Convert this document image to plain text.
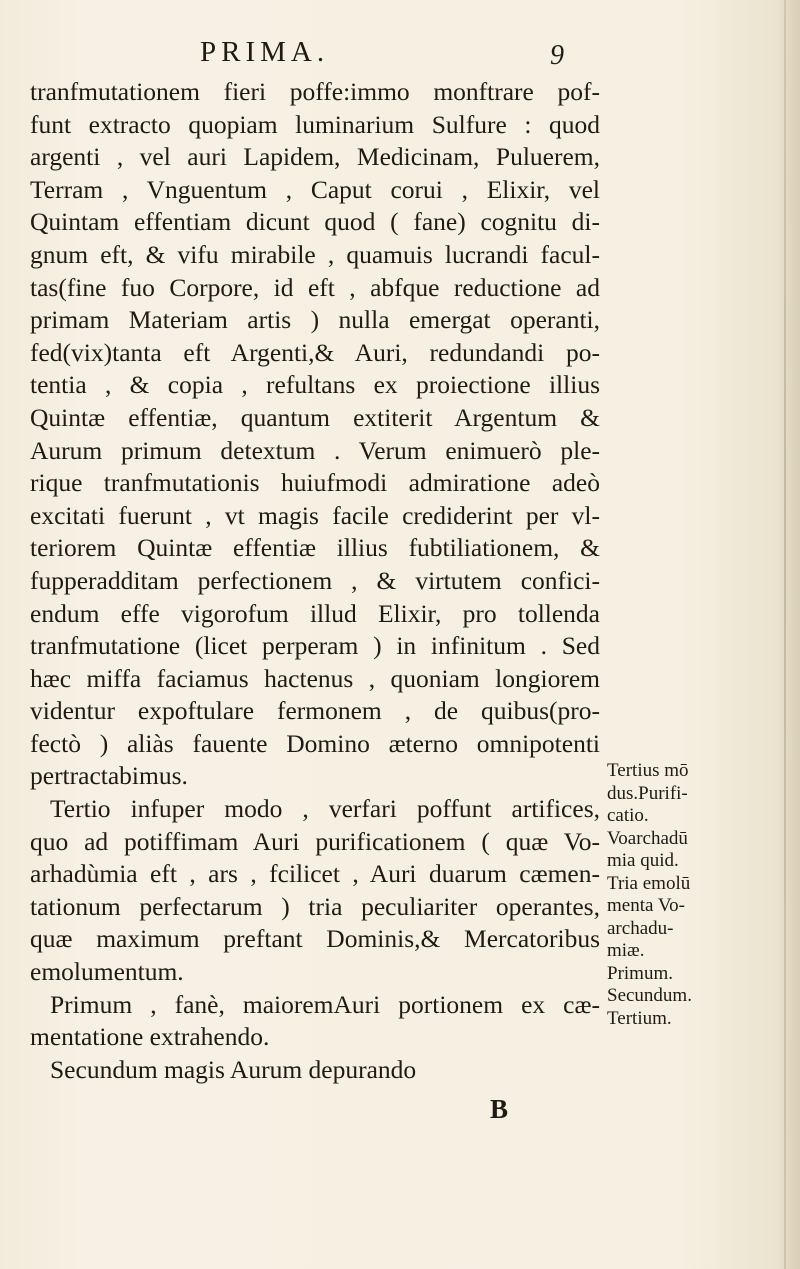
PRIMA.	9
tranfmutationem fieri poffe:immo monftrare pof-
funt extracto quopiam luminarium Sulfure : quod
argenti , vel auri Lapidem, Medicinam, Puluerem,
Terram , Vnguentum , Caput corui , Elixir, vel
Quintam effentiam dicunt quod ( fane) cognitu di-
gnum eft, & vifu mirabile , quamuis lucrandi facul-
tas(fine fuo Corpore, id eft , abfque reductione ad
primam Materiam artis ) nulla emergat operanti,
fed(vix)tanta eft Argenti,& Auri, redundandi po-
tentia , & copia , refultans ex proiectione illius
Quintæ effentiæ, quantum extiterit Argentum &
Aurum primum detextum . Verum enimuerò ple-
rique tranfmutationis huiufmodi admiratione adeò
excitati fuerunt , vt magis facile crediderint per vl-
teriorem Quintæ effentiæ illius fubtiliationem, &
fupperadditam perfectionem , & virtutem confici-
endum effe vigorofum illud Elixir, pro tollenda
tranfmutatione (licet perperam ) in infinitum . Sed
hæc miffa faciamus hactenus , quoniam longiorem
videntur expoftulare fermonem , de quibus(pro-
fectò ) aliàs fauente Domino æterno omnipotenti
pertractabimus.
Tertio infuper modo , verfari poffunt artifices,
quo ad potiffimam Auri purificationem ( quæ Vo-
arhadùmia eft , ars , fcilicet , Auri duarum cæmen-
tationum perfectarum ) tria peculiariter operantes,
quæ maximum preftant Dominis,& Mercatoribus
emolumentum.
Primum , fanè, maioremAuri portionem ex cæ-
mentatione extrahendo.
Secundum magis Aurum depurando
Tertius mō
dus.Purifi-
catio.
Voarchadū
mia quid.
Tria emolū
menta Vo-
archadu-
miæ.
Primum.
Secundum.
Tertium.
B
